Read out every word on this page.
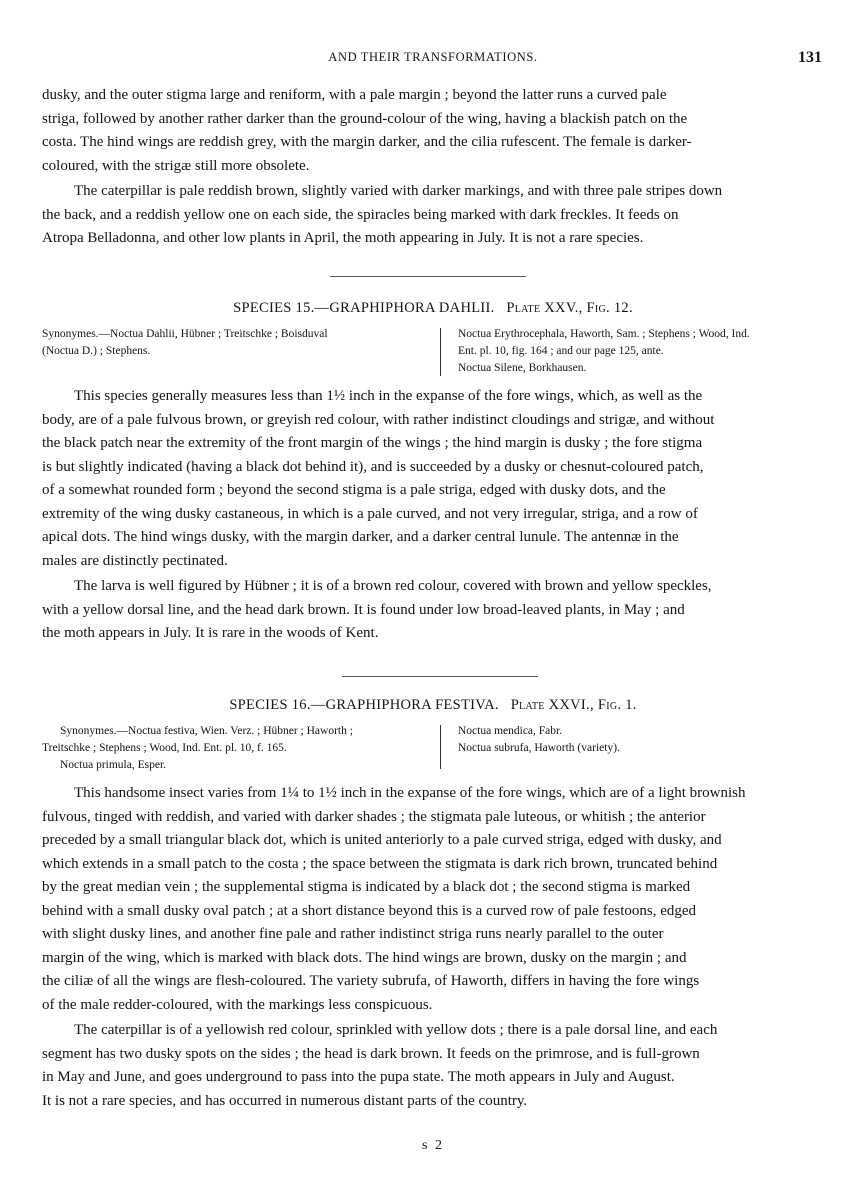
AND THEIR TRANSFORMATIONS.	131

dusky, and the outer stigma large and reniform, with a pale margin ; beyond the latter runs a curved pale
striga, followed by another rather darker than the ground-colour of the wing, having a blackish patch on the
costa. The hind wings are reddish grey, with the margin darker, and the cilia rufescent. The female is darker-
coloured, with the strigæ still more obsolete.

The caterpillar is pale reddish brown, slightly varied with darker markings, and with three pale stripes down
the back, and a reddish yellow one on each side, the spiracles being marked with dark freckles. It feeds on
Atropa Belladonna, and other low plants in April, the moth appearing in July. It is not a rare species.

SPECIES 15.—GRAPHIPHORA DAHLII. Plate XXV., Fig. 12.
Synonymes.—Noctua Dahlii, Hübner ; Treitschke ; Boisduval
(Noctua D.) ; Stephens.
Noctua Erythrocephala, Haworth, Sam. ; Stephens ; Wood, Ind.
Ent. pl. 10, fig. 164 ; and our page 125, ante.
Noctua Silene, Borkhausen.

This species generally measures less than 1½ inch in the expanse of the fore wings, which, as well as the
body, are of a pale fulvous brown, or greyish red colour, with rather indistinct cloudings and strigæ, and without
the black patch near the extremity of the front margin of the wings ; the hind margin is dusky ; the fore stigma
is but slightly indicated (having a black dot behind it), and is succeeded by a dusky or chesnut-coloured patch,
of a somewhat rounded form ; beyond the second stigma is a pale striga, edged with dusky dots, and the
extremity of the wing dusky castaneous, in which is a pale curved, and not very irregular, striga, and a row of
apical dots. The hind wings dusky, with the margin darker, and a darker central lunule. The antennæ in the
males are distinctly pectinated.

The larva is well figured by Hübner ; it is of a brown red colour, covered with brown and yellow speckles,
with a yellow dorsal line, and the head dark brown. It is found under low broad-leaved plants, in May ; and
the moth appears in July. It is rare in the woods of Kent.

SPECIES 16.—GRAPHIPHORA FESTIVA. Plate XXVI., Fig. 1.
Synonymes.—Noctua festiva, Wien. Verz. ; Hübner ; Haworth ;
Treitschke ; Stephens ; Wood, Ind. Ent. pl. 10, f. 165.
Noctua primula, Esper.
Noctua mendica, Fabr.
Noctua subrufa, Haworth (variety).

This handsome insect varies from 1¼ to 1½ inch in the expanse of the fore wings, which are of a light brownish
fulvous, tinged with reddish, and varied with darker shades ; the stigmata pale luteous, or whitish ; the anterior
preceded by a small triangular black dot, which is united anteriorly to a pale curved striga, edged with dusky, and
which extends in a small patch to the costa ; the space between the stigmata is dark rich brown, truncated behind
by the great median vein ; the supplemental stigma is indicated by a black dot ; the second stigma is marked
behind with a small dusky oval patch ; at a short distance beyond this is a curved row of pale festoons, edged
with slight dusky lines, and another fine pale and rather indistinct striga runs nearly parallel to the outer
margin of the wing, which is marked with black dots. The hind wings are brown, dusky on the margin ; and
the ciliæ of all the wings are flesh-coloured. The variety subrufa, of Haworth, differs in having the fore wings
of the male redder-coloured, with the markings less conspicuous.

The caterpillar is of a yellowish red colour, sprinkled with yellow dots ; there is a pale dorsal line, and each
segment has two dusky spots on the sides ; the head is dark brown. It feeds on the primrose, and is full-grown
in May and June, and goes underground to pass into the pupa state. The moth appears in July and August.
It is not a rare species, and has occurred in numerous distant parts of the country.

s 2
